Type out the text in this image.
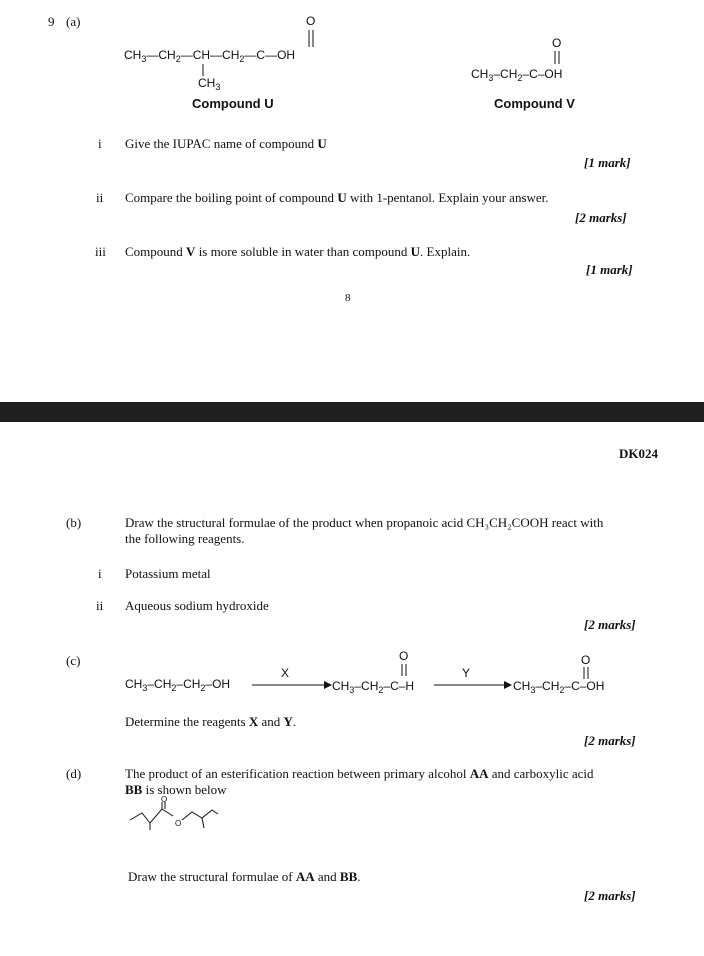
9 (a)	O
$CH_3—CH_2—CH—CH_2—C—OH$
$CH_3$
Compound U
O
$CH_3-CH_2-C-OH$
Compound V
i Give the IUPAC name of compound U
[1 mark]
ii Compare the boiling point of compound U with 1-pentanol. Explain your answer.
[2 marks]
iii Compound V is more soluble in water than compound U. Explain.
[1 mark]
8
DK024
(b)	Draw the structural formulae of the product when propanoic acid CH₃CH₂COOH react with
the following reagents.
i Potassium metal
ii Aqueous sodium hydroxide
[2 marks]
(c)
$CH_3-CH_2-CH_2-OH$
X
O
$CH_3-CH_2-C-H$
Y
O
$CH_3-CH_2-C-OH$
Determine the reagents X and Y.
[2 marks]
(d)	The product of an esterification reaction between primary alcohol AA and carboxylic acid
BB is shown below
O
O
Draw the structural formulae of AA and BB.
[2 marks]
